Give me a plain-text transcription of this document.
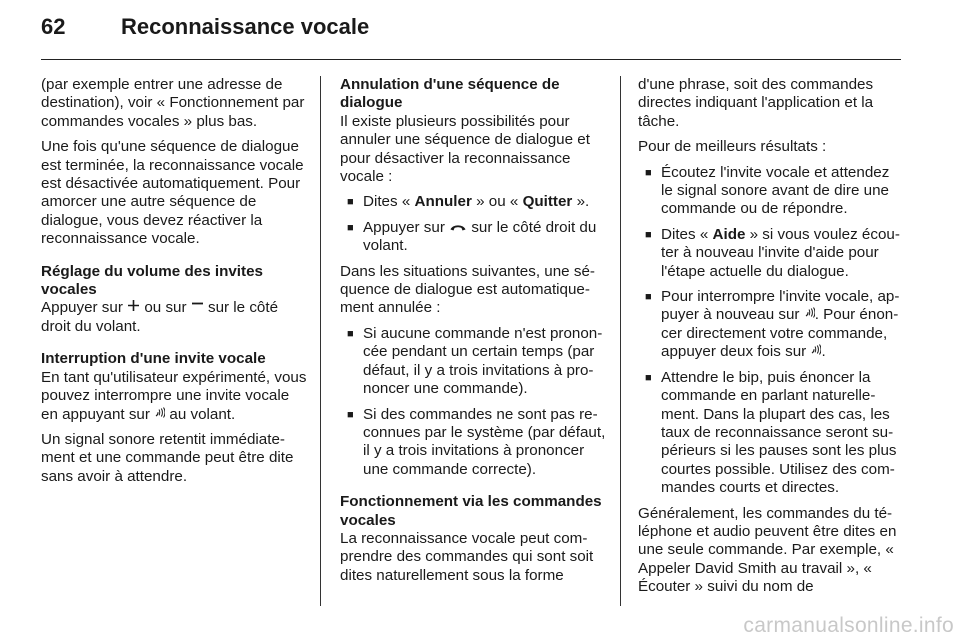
62	Reconnaissance vocale

(par exemple entrer une adresse de destination), voir « Fonctionnement par commandes vocales » plus bas.

Une fois qu'une séquence de dialogue est terminée, la reconnaissance vocale est désactivée automatiquement. Pour amorcer une autre séquence de dialogue, vous devez réactiver la reconnaissance vocale.

Réglage du volume des invites vocales

Appuyer sur  ou sur  sur le côté droit du volant.

Interruption d'une invite vocale

En tant qu'utilisateur expérimenté, vous pouvez interrompre une invite vocale en appuyant sur  au volant.

Un signal sonore retentit immédiatement et une commande peut être dite sans avoir à attendre.

Annulation d'une séquence de dialogue

Il existe plusieurs possibilités pour annuler une séquence de dialogue et pour désactiver la reconnaissance vocale :

■ Dites « Annuler » ou « Quitter ».
■ Appuyer sur  sur le côté droit du volant.

Dans les situations suivantes, une séquence de dialogue est automatiquement annulée :

■ Si aucune commande n'est prononcée pendant un certain temps (par défaut, il y a trois invitations à prononcer une commande).
■ Si des commandes ne sont pas reconnues par le système (par défaut, il y a trois invitations à prononcer une commande correcte).
Fonctionnement via les commandes vocales

La reconnaissance vocale peut comprendre des commandes qui sont soit dites naturellement sous la forme

d'une phrase, soit des commandes directes indiquant l'application et la tâche.

Pour de meilleurs résultats :

■ Écoutez l'invite vocale et attendez le signal sonore avant de dire une commande ou de répondre.
■ Dites « Aide » si vous voulez écouter à nouveau l'invite d'aide pour l'étape actuelle du dialogue.
■ Pour interrompre l'invite vocale, appuyer à nouveau sur . Pour énoncer directement votre commande, appuyer deux fois sur .
■ Attendre le bip, puis énoncer la commande en parlant naturellement. Dans la plupart des cas, les taux de reconnaissance seront supérieurs si les pauses sont les plus courtes possible. Utilisez des commandes courts et directes.

Généralement, les commandes du téléphone et audio peuvent être dites en une seule commande. Par exemple, « Appeler David Smith au travail », « Écouter » suivi du nom de

carmanualsonline.info
